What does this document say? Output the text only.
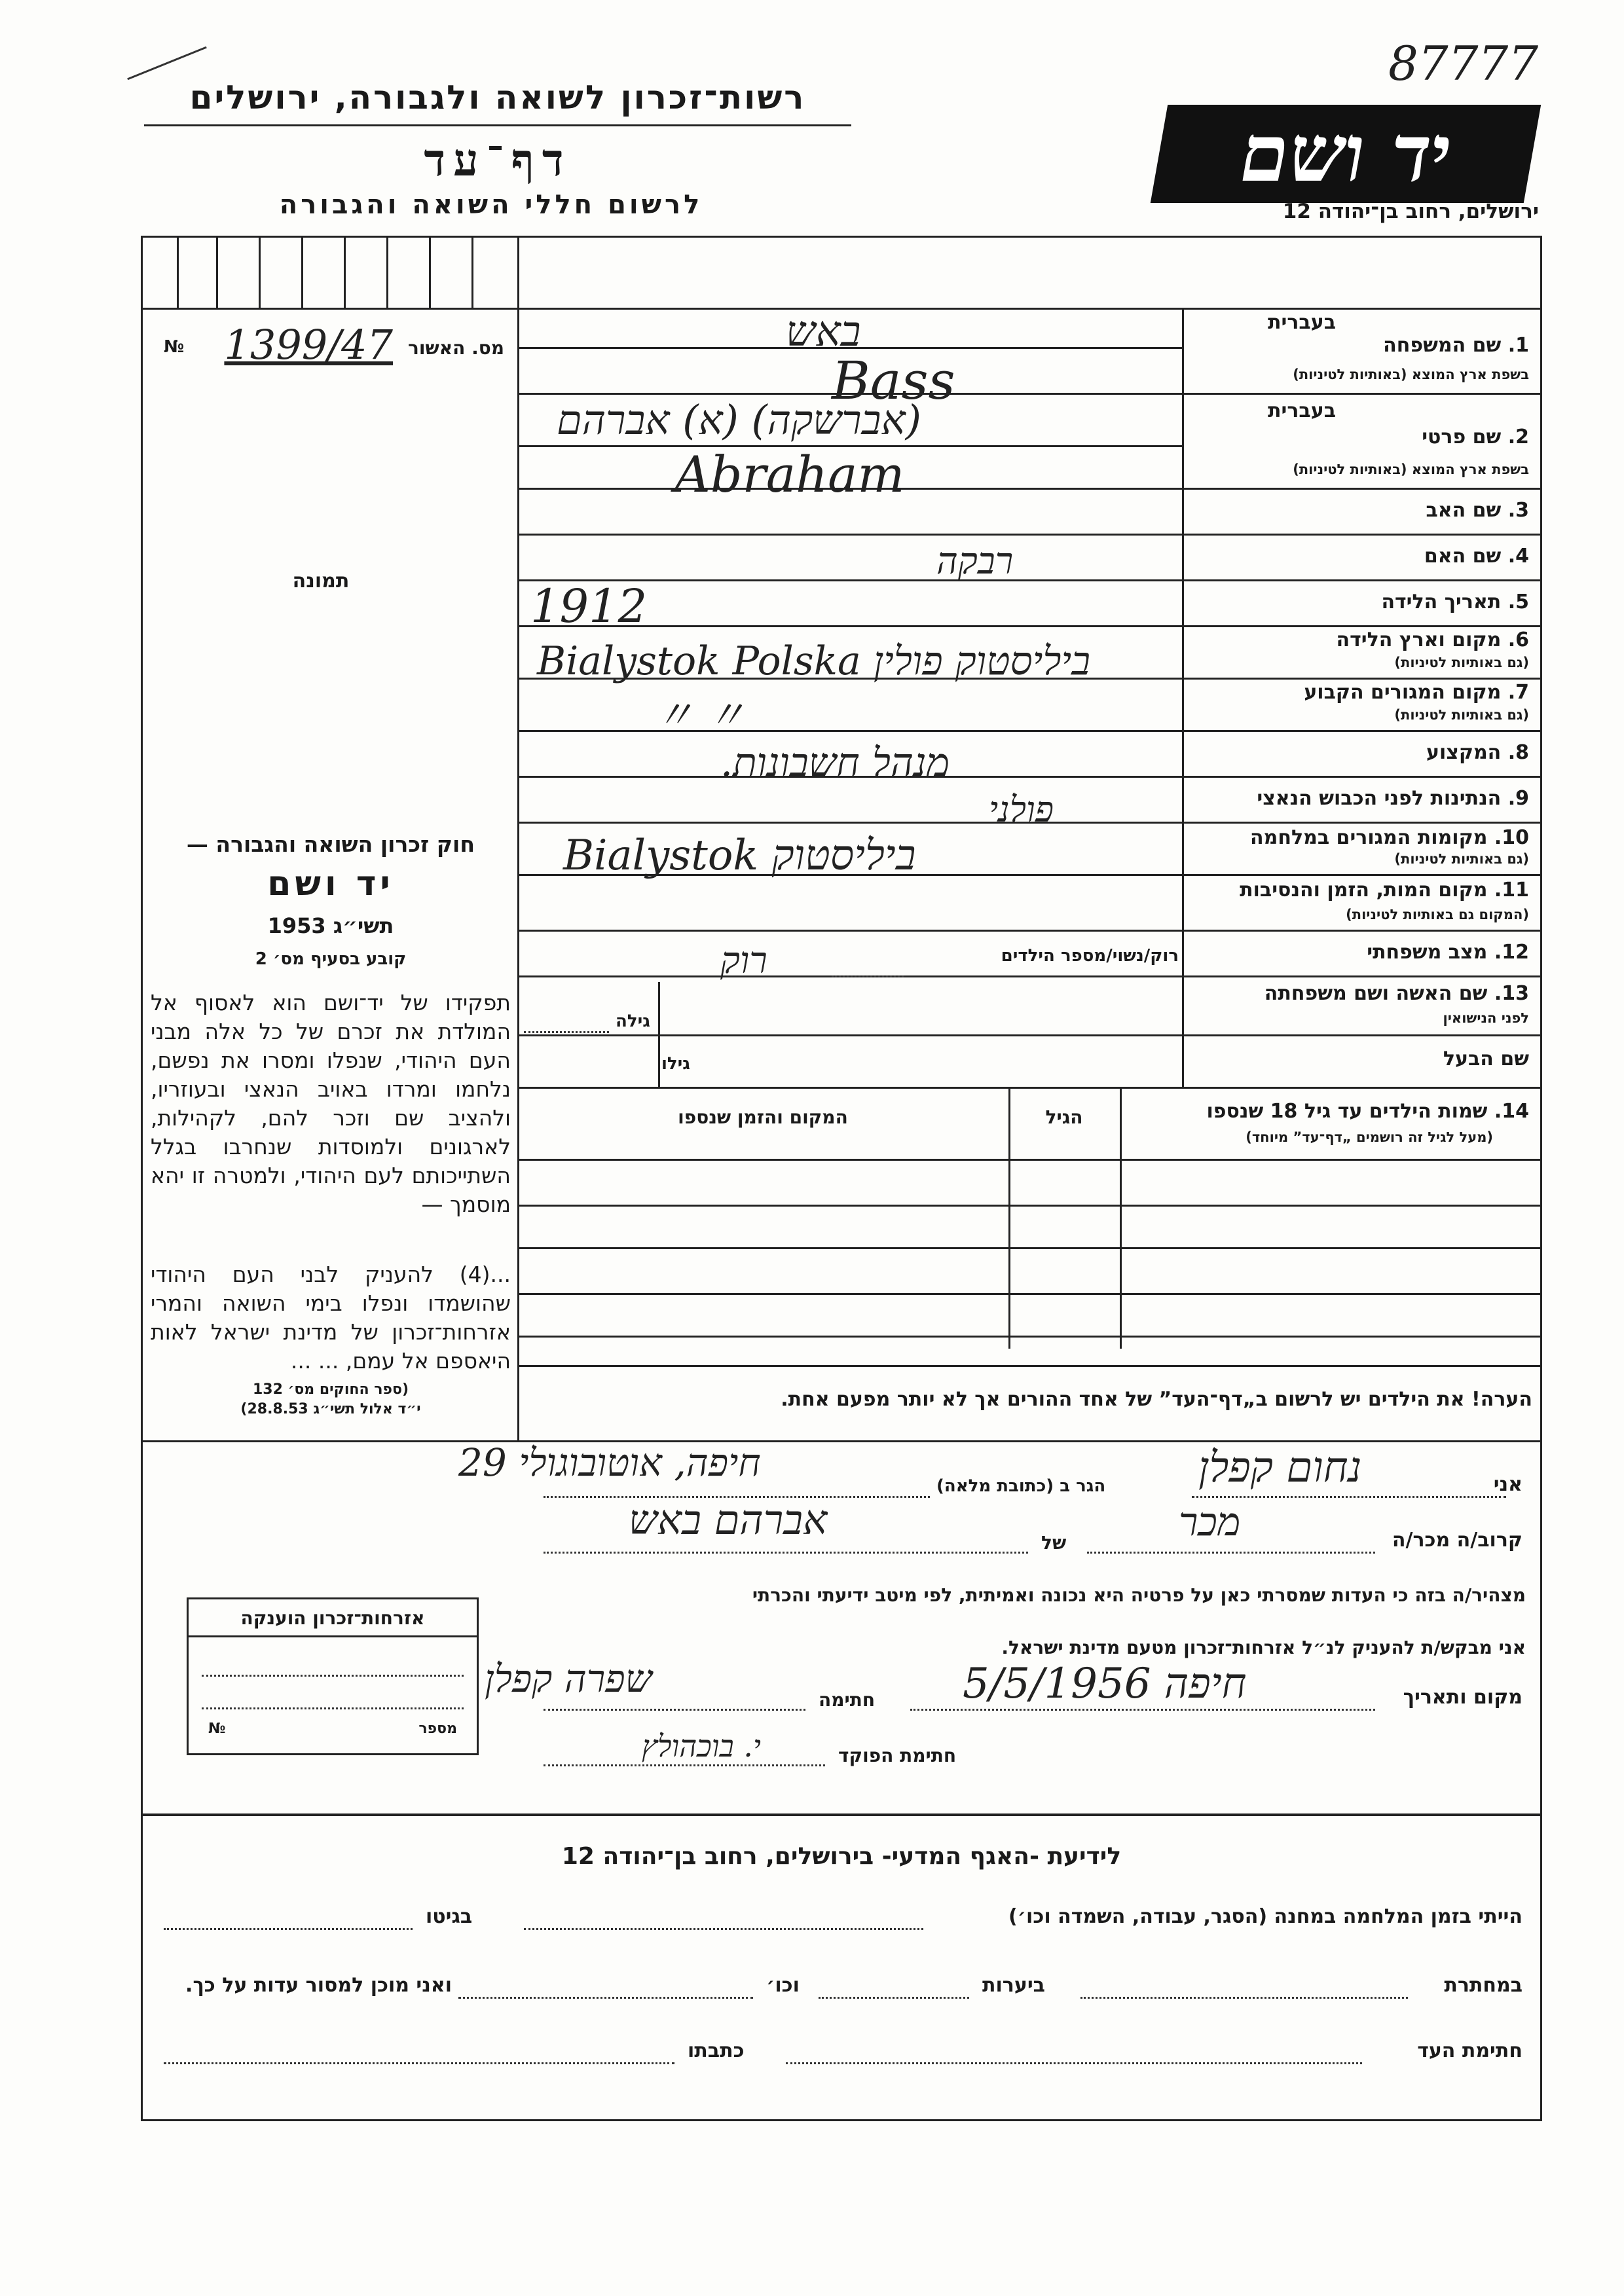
87777
רשות־זכרון לשואה ולגבורה, ירושלים
דף־עד
לרשום חללי השואה והגבורה
יד ושם
ירושלים, רחוב בן־יהודה 12
מס. האשור
1399/47
№
תמונה
חוק זכרון השואה והגבורה —
יד ושם
תשי״ג 1953
קובע בסעיף מס׳ 2
תפקידו של יד־ושם הוא לאסוף אל המולדת את זכרם של כל אלה מבני העם היהודי, שנפלו ומסרו את נפשם, נלחמו ומרדו באויב הנאצי ובעוזריו, ולהציב שם וזכר להם, לקהילות, לארגונים ולמוסדות שנחרבו בגלל השתייכותם לעם היהודי, ולמטרה זו יהא מוסמך —
...(4) להעניק לבני העם היהודי שהושמדו ונפלו בימי השואה והמרי אזרחות־זכרון של מדינת ישראל לאות היאספם אל עמם, ... ...
(ספר החוקים מס׳ 132
י״ד אלול תשי״ג 28.8.53)
בעברית
1. שם המשפחה
בשפת ארץ המוצא (באותיות לטיניות)
בעברית
2. שם פרטי
בשפת ארץ המוצא (באותיות לטיניות)
3. שם האב
4. שם האם
5. תאריך הלידה
6. מקום וארץ הלידה
(גם באותיות לטיניות)
7. מקום המגורים הקבוע
(גם באותיות לטיניות)
8. המקצוע
9. הנתינות לפני הכבוש הנאצי
10. מקומות המגורים במלחמה
(גם באותיות לטיניות)
11. מקום המות, הזמן והנסיבות
(המקום גם באותיות לטיניות)
12. מצב משפחתי
13. שם האשה ושם משפחתה
לפני הנישואין
שם הבעל
באש
Bass
(אברשקה) (א) אברהם
Abraham
רבקה
1912
Bialystok Polska ביליסטוק פולין
〃 〃
מנהל חשבונות.
פולני
Bialystok ביליסטוק
רוק/נשוי/מספר הילדים
רוק
גילה
גילו
14. שמות הילדים עד גיל 18 שנספו
(מעל לגיל זה רושמים „דף־עד” מיוחד)
הגיל
המקום והזמן שנספו
הערה! את הילדים יש לרשום ב„דף־העד” של אחד ההורים אך לא יותר מפעם אחת.
אני
נחום קפלן
הגר ב (כתובת מלאה)
חיפה, אוטובוגולי 29
קרוב/ה מכר/ה
מכר
של
אברהם באש
מצהיר/ה בזה כי העדות שמסרתי כאן על פרטיה היא נכונה ואמיתית, לפי מיטב ידיעתי והכרתי
אני מבקש/ת להעניק לנ״ל אזרחות־זכרון מטעם מדינת ישראל.
מקום ותאריך
חיפה 5/5/1956
חתימה
שפרה קפלן
חתימת הפוקד
י. בוכהולץ
אזרחות־זכרון הוענקה
מספר
№
לידיעת -האגף המדעי- בירושלים, רחוב בן־יהודה 12
הייתי בזמן המלחמה במחנה (הסגר, עבודה, השמדה וכו׳)
בגיטו
במחתרת
ביערות
וכו׳
ואני מוכן למסור עדות על כך.
חתימת העד
כתבתו
